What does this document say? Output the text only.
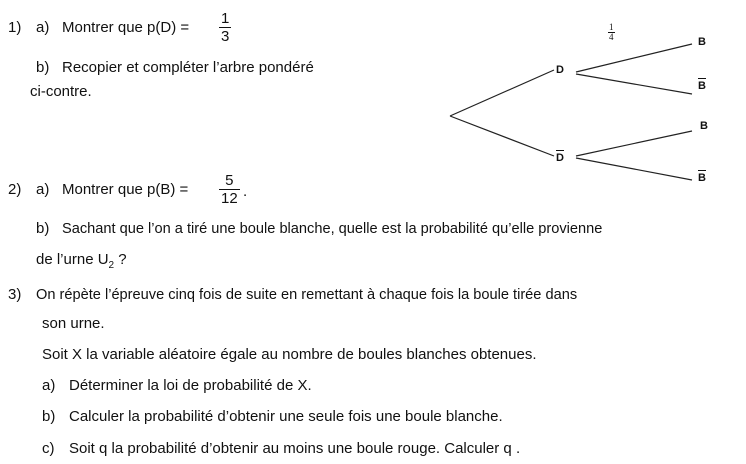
1) a) Montrer que $p(D) = \frac{1}{3}$
b) Recopier et compléter l’arbre pondéré
ci-contre.
D
D
B
B
B
B
$\frac{1}{4}$
2) a) Montrer que $p(B) = \frac{5}{12}$ .
b) Sachant que l’on a tiré une boule blanche, quelle est la probabilité qu’elle provienne
de l’urne $U_2$ ?
3) On répète l’épreuve cinq fois de suite en remettant à chaque fois la boule tirée dans
son urne.
Soit X la variable aléatoire égale au nombre de boules blanches obtenues.
a) Déterminer la loi de probabilité de X.
b) Calculer la probabilité d’obtenir une seule fois une boule blanche.
c) Soit q la probabilité d’obtenir au moins une boule rouge. Calculer q .
